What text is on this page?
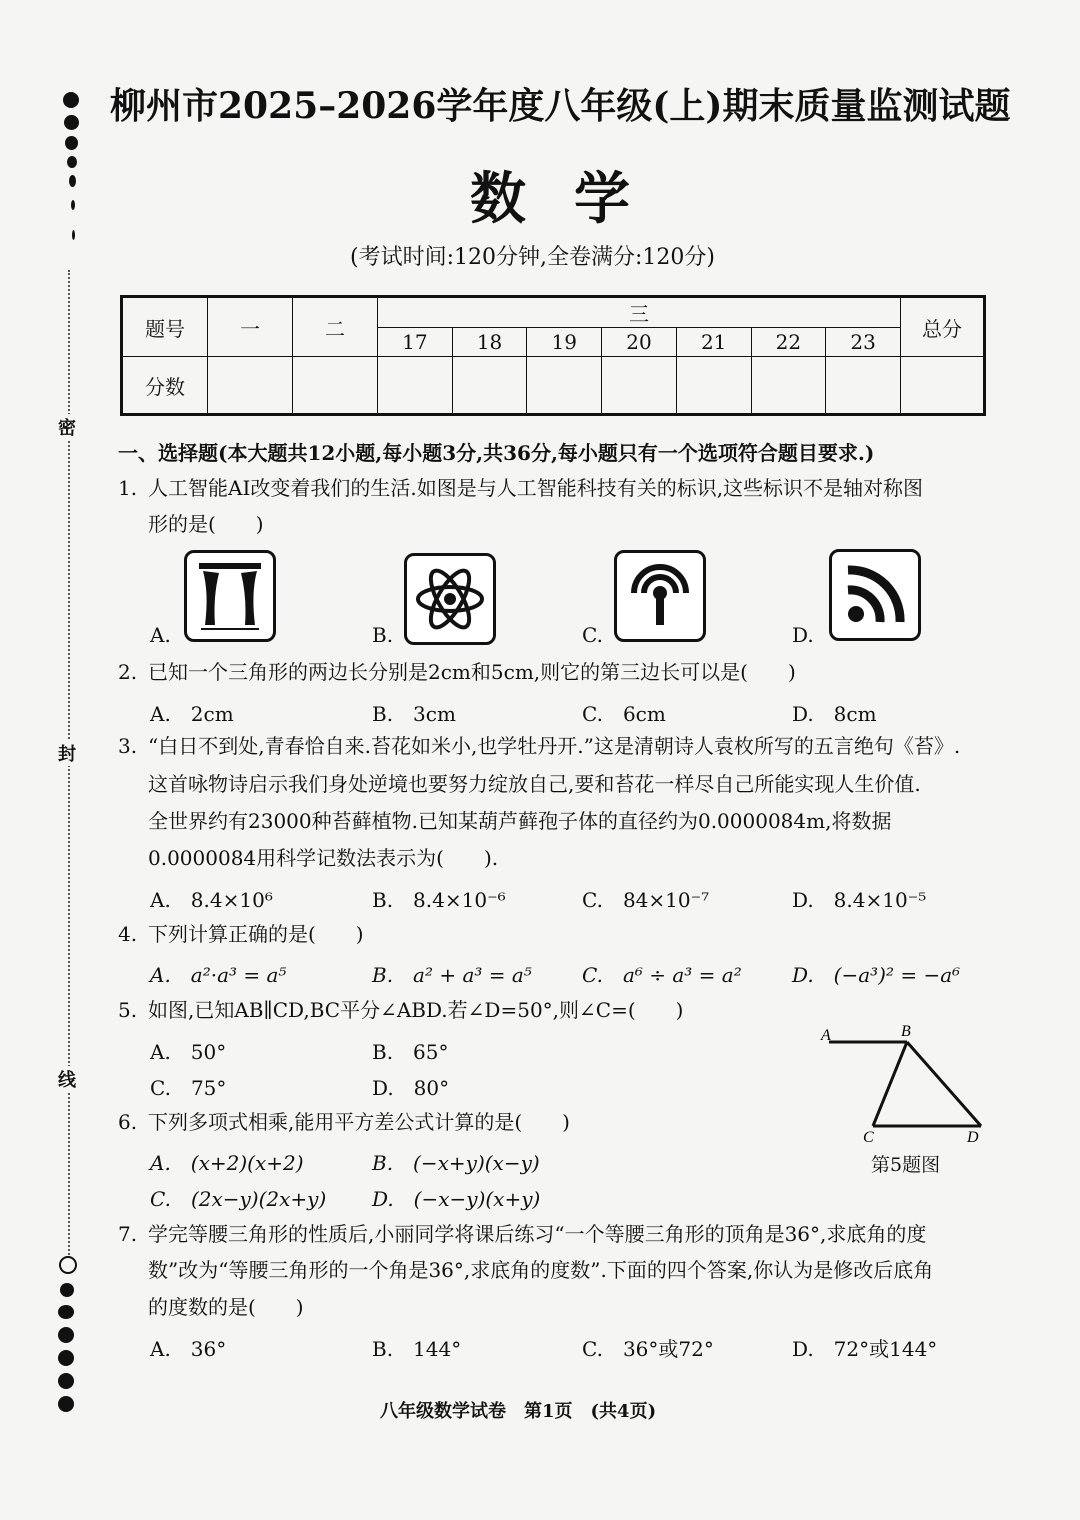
密
封
线
柳州市2025–2026学年度八年级(上)期末质量监测试题
数学
(考试时间:120分钟,全卷满分:120分)
题号	一	二	三							总分
			17	18	19	20	21	22	23	
分数										
一、选择题(本大题共12小题,每小题3分,共36分,每小题只有一个选项符合题目要求.)
1. 人工智能AI改变着我们的生活.如图是与人工智能科技有关的标识,这些标识不是轴对称图
形的是(　　)
A.	B.	C.	D.
2. 已知一个三角形的两边长分别是2cm和5cm,则它的第三边长可以是(　　)
A.　2cm	B.　3cm	C.　6cm	D.　8cm
3. “白日不到处,青春恰自来.苔花如米小,也学牡丹开.”这是清朝诗人袁枚所写的五言绝句《苔》.
这首咏物诗启示我们身处逆境也要努力绽放自己,要和苔花一样尽自己所能实现人生价值.
全世界约有23000种苔藓植物.已知某葫芦藓孢子体的直径约为0.0000084m,将数据
0.0000084用科学记数法表示为(　　).
A.　8.4×10⁶	B.　8.4×10⁻⁶	C.　84×10⁻⁷	D.　8.4×10⁻⁵
4. 下列计算正确的是(　　)
A.　a²·a³ = a⁵	B.　a² + a³ = a⁵	C.　a⁶ ÷ a³ = a²	D.　(−a³)² = −a⁶
5. 如图,已知AB∥CD,BC平分∠ABD.若∠D=50°,则∠C=(　　)
A.　50°	B.　65°
C.　75°	D.　80°
A	B
C	D
第5题图
6. 下列多项式相乘,能用平方差公式计算的是(　　)
A.　(x+2)(x+2)	B.　(−x+y)(x−y)
C.　(2x−y)(2x+y) D.　(−x−y)(x+y)
7. 学完等腰三角形的性质后,小丽同学将课后练习“一个等腰三角形的顶角是36°,求底角的度
数”改为“等腰三角形的一个角是36°,求底角的度数”.下面的四个答案,你认为是修改后底角
的度数的是(　　)
A.　36°	B.　144°	C.　36°或72°	D.　72°或144°
八年级数学试卷　第1页　(共4页)
